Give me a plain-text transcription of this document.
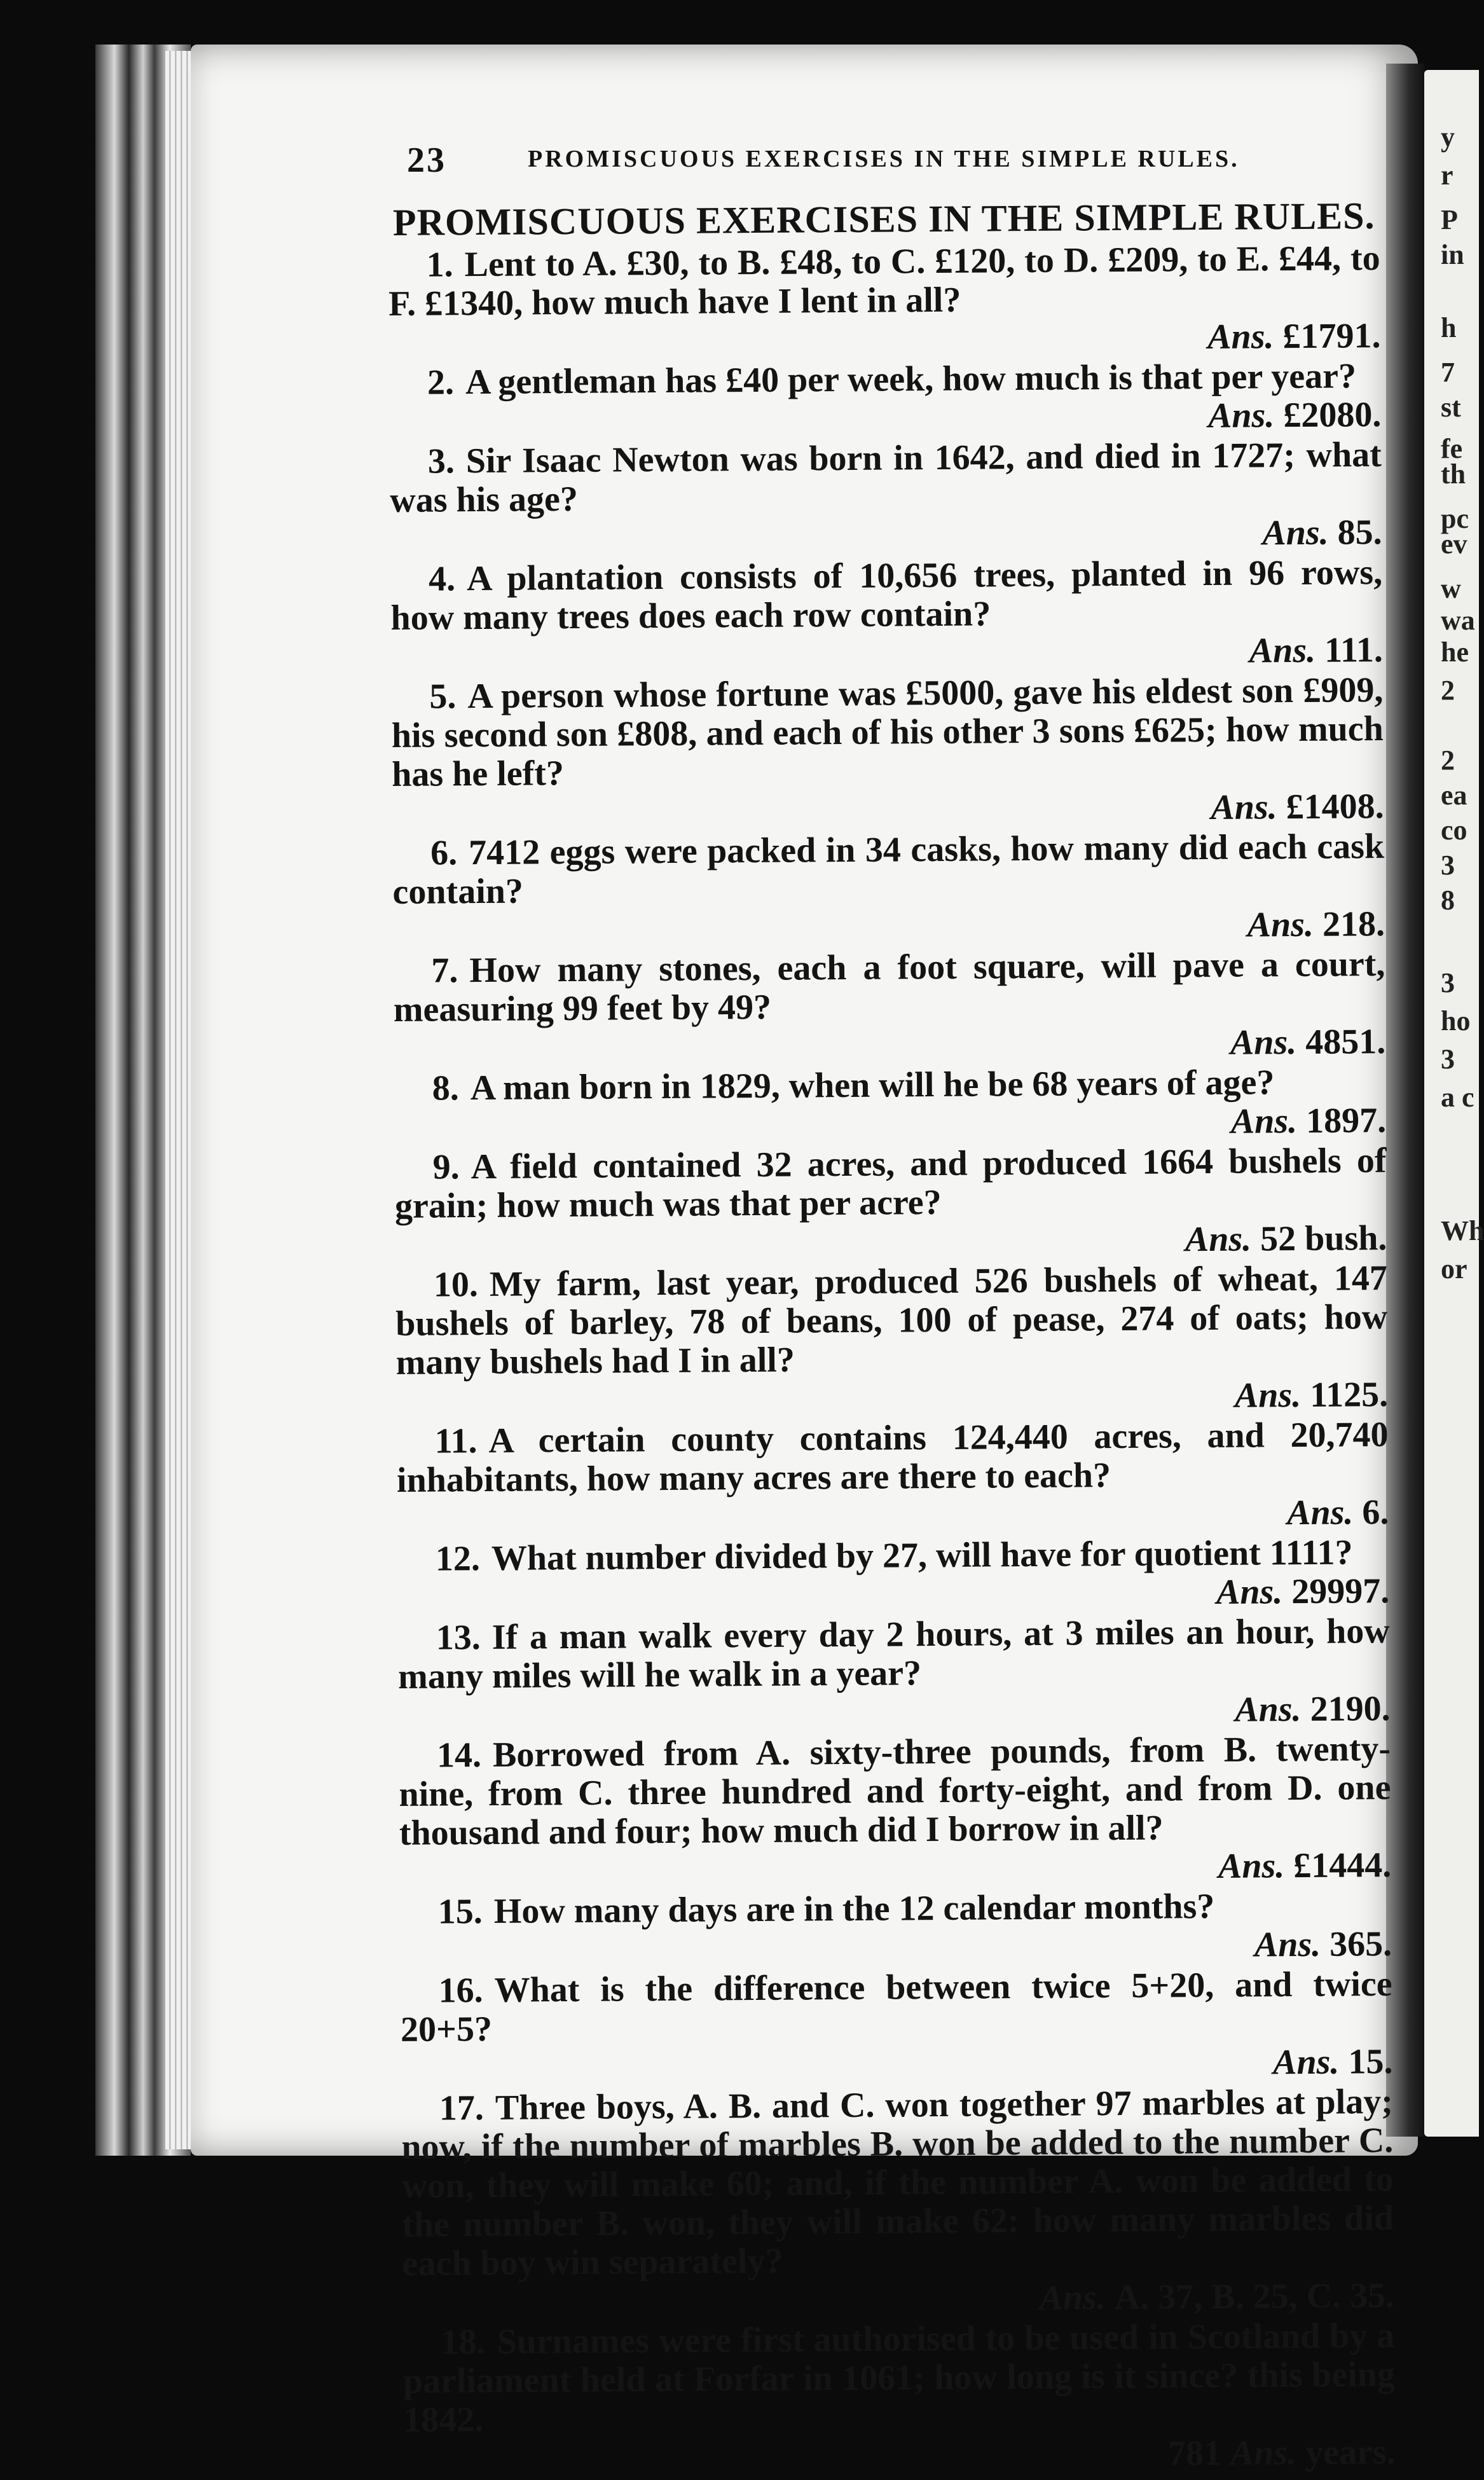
y
r
P
in
h
7
st
fe
th
pc
ev
w
wa
he
2
2
ea
co
3
8
3
ho
3
a c
Wh
or
23	PROMISCUOUS EXERCISES IN THE SIMPLE RULES.
PROMISCUOUS EXERCISES IN THE SIMPLE RULES.

1. Lent to A. £30, to B. £48, to C. £120, to D. £209, to E. £44, to F. £1340, how much have I lent in all?

Ans. £1791.

2. A gentleman has £40 per week, how much is that per year?

Ans. £2080.

3. Sir Isaac Newton was born in 1642, and died in 1727; what was his age?

Ans. 85.

4. A plantation consists of 10,656 trees, planted in 96 rows, how many trees does each row contain?

Ans. 111.

5. A person whose fortune was £5000, gave his eldest son £909, his second son £808, and each of his other 3 sons £625; how much has he left?

Ans. £1408.

6. 7412 eggs were packed in 34 casks, how many did each cask contain?

Ans. 218.

7. How many stones, each a foot square, will pave a court, measuring 99 feet by 49?

Ans. 4851.

8. A man born in 1829, when will he be 68 years of age?

Ans. 1897.

9. A field contained 32 acres, and produced 1664 bushels of grain; how much was that per acre?

Ans. 52 bush.

10. My farm, last year, produced 526 bushels of wheat, 147 bushels of barley, 78 of beans, 100 of pease, 274 of oats; how many bushels had I in all?

Ans. 1125.

11. A certain county contains 124,440 acres, and 20,740 inhabitants, how many acres are there to each?

Ans. 6.

12. What number divided by 27, will have for quotient 1111?

Ans. 29997.

13. If a man walk every day 2 hours, at 3 miles an hour, how many miles will he walk in a year?

Ans. 2190.

14. Borrowed from A. sixty-three pounds, from B. twenty-nine, from C. three hundred and forty-eight, and from D. one thousand and four; how much did I borrow in all?

Ans. £1444.

15. How many days are in the 12 calendar months?

Ans. 365.

16. What is the difference between twice 5+20, and twice 20+5?

Ans. 15.

17. Three boys, A. B. and C. won together 97 marbles at play; now, if the number of marbles B. won be added to the number C. won, they will make 60; and, if the number A. won be added to the number B. won, they will make 62: how many marbles did each boy win separately?

Ans. A. 37, B. 25, C. 35.

18. Surnames were first authorised to be used in Scotland by a parliament held at Forfar in 1061; how long is it since? this being 1842.

781 Ans. years.
